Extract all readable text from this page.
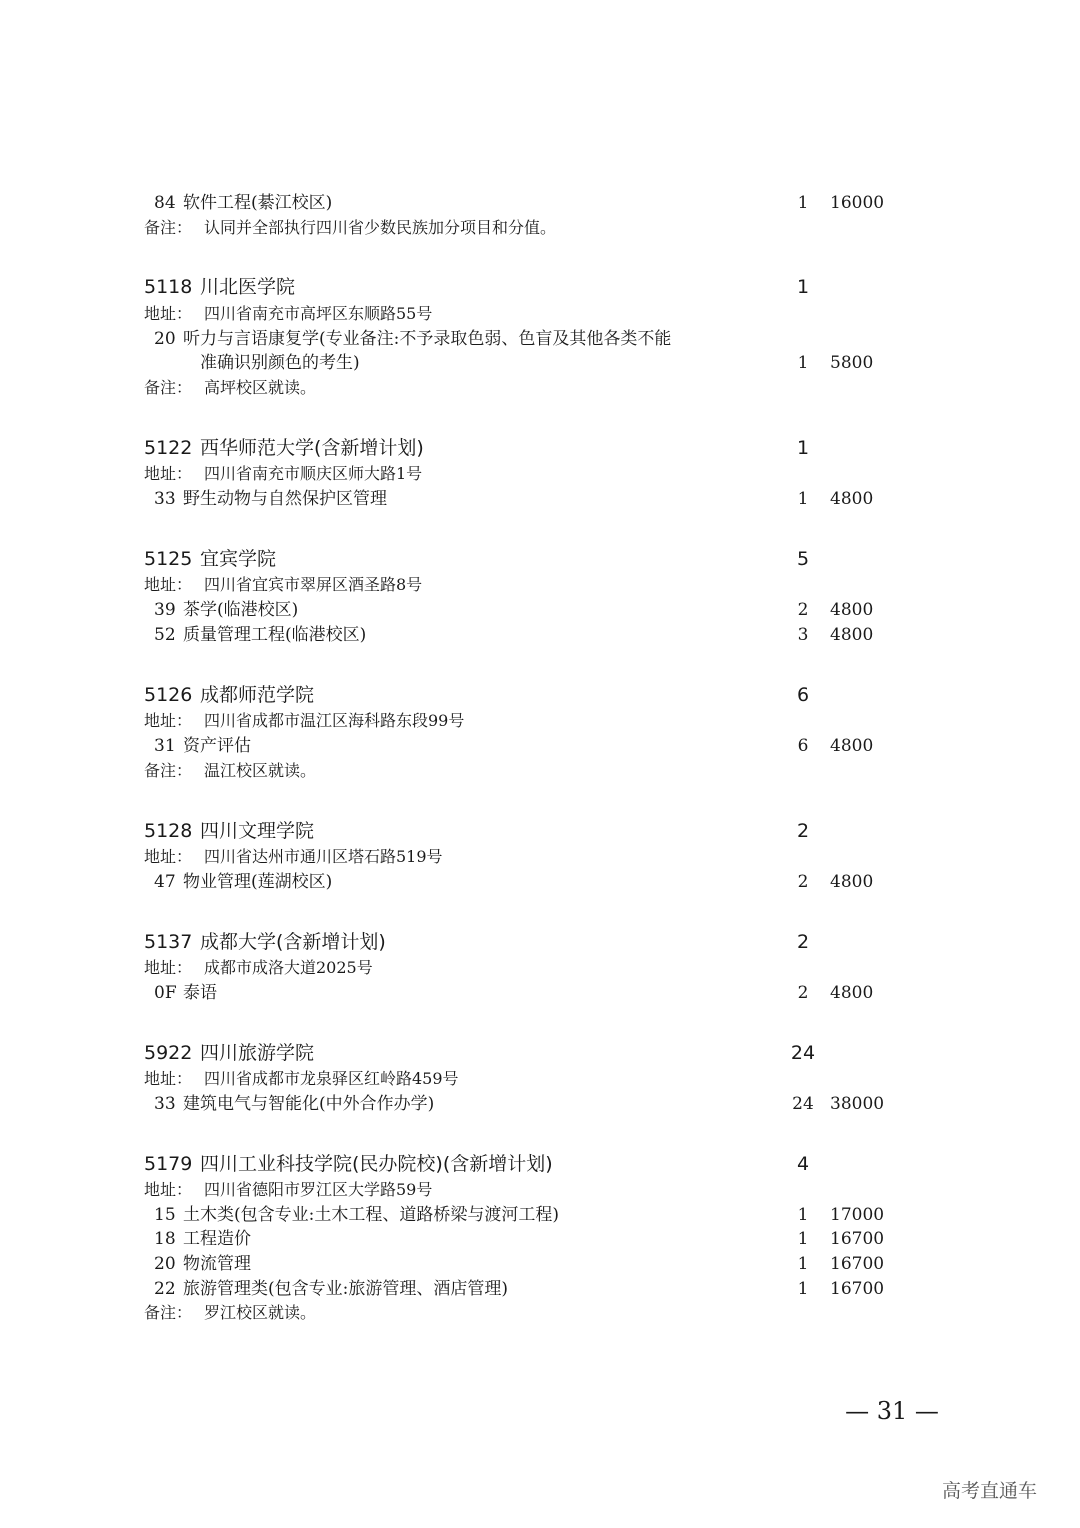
84 软件工程(綦江校区)	1	16000
备注： 认同并全部执行四川省少数民族加分项目和分值。
5118 川北医学院	1
地址： 四川省南充市高坪区东顺路55号
20 听力与言语康复学(专业备注:不予录取色弱、色盲及其他各类不能
准确识别颜色的考生)	1	5800
备注： 高坪校区就读。
5122 西华师范大学(含新增计划)	1
地址： 四川省南充市顺庆区师大路1号
33 野生动物与自然保护区管理	1	4800
5125 宜宾学院	5
地址： 四川省宜宾市翠屏区酒圣路8号
39 茶学(临港校区)	2	4800
52 质量管理工程(临港校区)	3	4800
5126 成都师范学院	6
地址： 四川省成都市温江区海科路东段99号
31 资产评估	6	4800
备注： 温江校区就读。
5128 四川文理学院	2
地址： 四川省达州市通川区塔石路519号
47 物业管理(莲湖校区)	2	4800
5137 成都大学(含新增计划)	2
地址： 成都市成洛大道2025号
0F 泰语	2	4800
5922 四川旅游学院	24
地址： 四川省成都市龙泉驿区红岭路459号
33 建筑电气与智能化(中外合作办学)	24 38000
5179 四川工业科技学院(民办院校)(含新增计划)	4
地址： 四川省德阳市罗江区大学路59号
15 土木类(包含专业:土木工程、道路桥梁与渡河工程)	1	17000
18 工程造价	1	16700
20 物流管理	1	16700
22 旅游管理类(包含专业:旅游管理、酒店管理)	1	16700
备注： 罗江校区就读。
— 31 —
高考直通车
